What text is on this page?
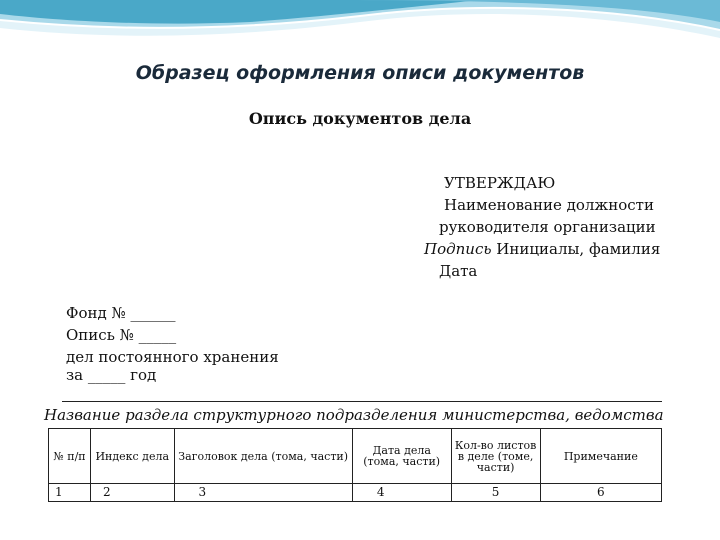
Образец оформления описи документов
Опись документов дела
УТВЕРЖДАЮ
Наименование должности
руководителя организации
Подпись Инициалы, фамилия
Дата
Фонд № ______
Опись № _____
дел постоянного хранения
за _____ год
Название раздела структурного подразделения министерства, ведомства
№ п/п	Индекс дела	Заголовок дела (тома, части)	Дата дела (тома, части)	Кол-во листов в деле (томе, части)	Примечание
1	2	3	4	5	6
